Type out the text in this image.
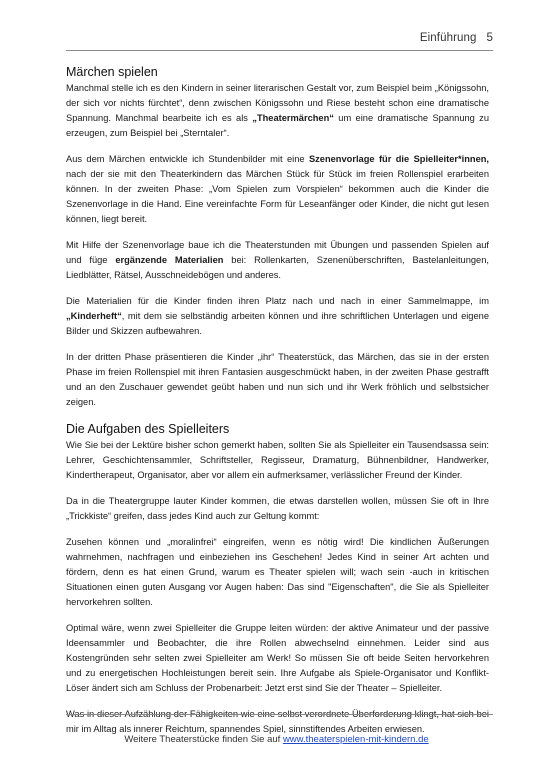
Einführung 5
Märchen spielen

Manchmal stelle ich es den Kindern in seiner literarischen Gestalt vor, zum Beispiel beim „Königssohn, der sich vor nichts fürchtet“, denn zwischen Königssohn und Riese besteht schon eine dramatische Spannung. Manchmal bearbeite ich es als „Theatermärchen“ um eine dramatische Spannung zu erzeugen, zum Beispiel bei „Sterntaler“.

Aus dem Märchen entwickle ich Stundenbilder mit eine Szenenvorlage für die Spielleiter*innen, nach der sie mit den Theaterkindern das Märchen Stück für Stück im freien Rollenspiel erarbeiten können. In der zweiten Phase: „Vom Spielen zum Vorspielen“ bekommen auch die Kinder die Szenenvorlage in die Hand. Eine vereinfachte Form für Leseanfänger oder Kinder, die nicht gut lesen können, liegt bereit.

Mit Hilfe der Szenenvorlage baue ich die Theaterstunden mit Übungen und passenden Spielen auf und füge ergänzende Materialien bei: Rollenkarten, Szenenüberschriften, Bastelanleitungen, Liedblätter, Rätsel, Ausschneidebögen und anderes.

Die Materialien für die Kinder finden ihren Platz nach und nach in einer Sammelmappe, im „Kinderheft“, mit dem sie selbständig arbeiten können und ihre schriftlichen Unterlagen und eigene Bilder und Skizzen aufbewahren.

In der dritten Phase präsentieren die Kinder „ihr“ Theaterstück, das Märchen, das sie in der ersten Phase im freien Rollenspiel mit ihren Fantasien ausgeschmückt haben, in der zweiten Phase gestrafft und an den Zuschauer gewendet geübt haben und nun sich und ihr Werk fröhlich und selbstsicher zeigen.

Die Aufgaben des Spielleiters

Wie Sie bei der Lektüre bisher schon gemerkt haben, sollten Sie als Spielleiter ein Tausendsassa sein: Lehrer, Geschichtensammler, Schriftsteller, Regisseur, Dramaturg, Bühnenbildner, Handwerker, Kindertherapeut, Organisator, aber vor allem ein aufmerksamer, verlässlicher Freund der Kinder.

Da in die Theatergruppe lauter Kinder kommen, die etwas darstellen wollen, müssen Sie oft in Ihre „Trickkiste“ greifen, dass jedes Kind auch zur Geltung kommt:

Zusehen können und „moralinfrei“ eingreifen, wenn es nötig wird! Die kindlichen Äußerungen wahrnehmen, nachfragen und einbeziehen ins Geschehen! Jedes Kind in seiner Art achten und fördern, denn es hat einen Grund, warum es Theater spielen will; wach sein -auch in kritischen Situationen einen guten Ausgang vor Augen haben: Das sind "Eigenschaften", die Sie als Spielleiter hervorkehren sollten.

Optimal wäre, wenn zwei Spielleiter die Gruppe leiten würden: der aktive Animateur und der passive Ideensammler und Beobachter, die ihre Rollen abwechselnd einnehmen. Leider sind aus Kostengründen sehr selten zwei Spielleiter am Werk! So müssen Sie oft beide Seiten hervorkehren und zu energetischen Hochleistungen bereit sein. Ihre Aufgabe als Spiele-Organisator und Konflikt-Löser ändert sich am Schluss der Probenarbeit: Jetzt erst sind Sie der Theater – Spielleiter.

Was in dieser Aufzählung der Fähigkeiten wie eine selbst verordnete Überforderung klingt, hat sich bei mir im Alltag als innerer Reichtum, spannendes Spiel, sinnstiftendes Arbeiten erwiesen.

Weitere Theaterstücke finden Sie auf www.theaterspielen-mit-kindern.de
